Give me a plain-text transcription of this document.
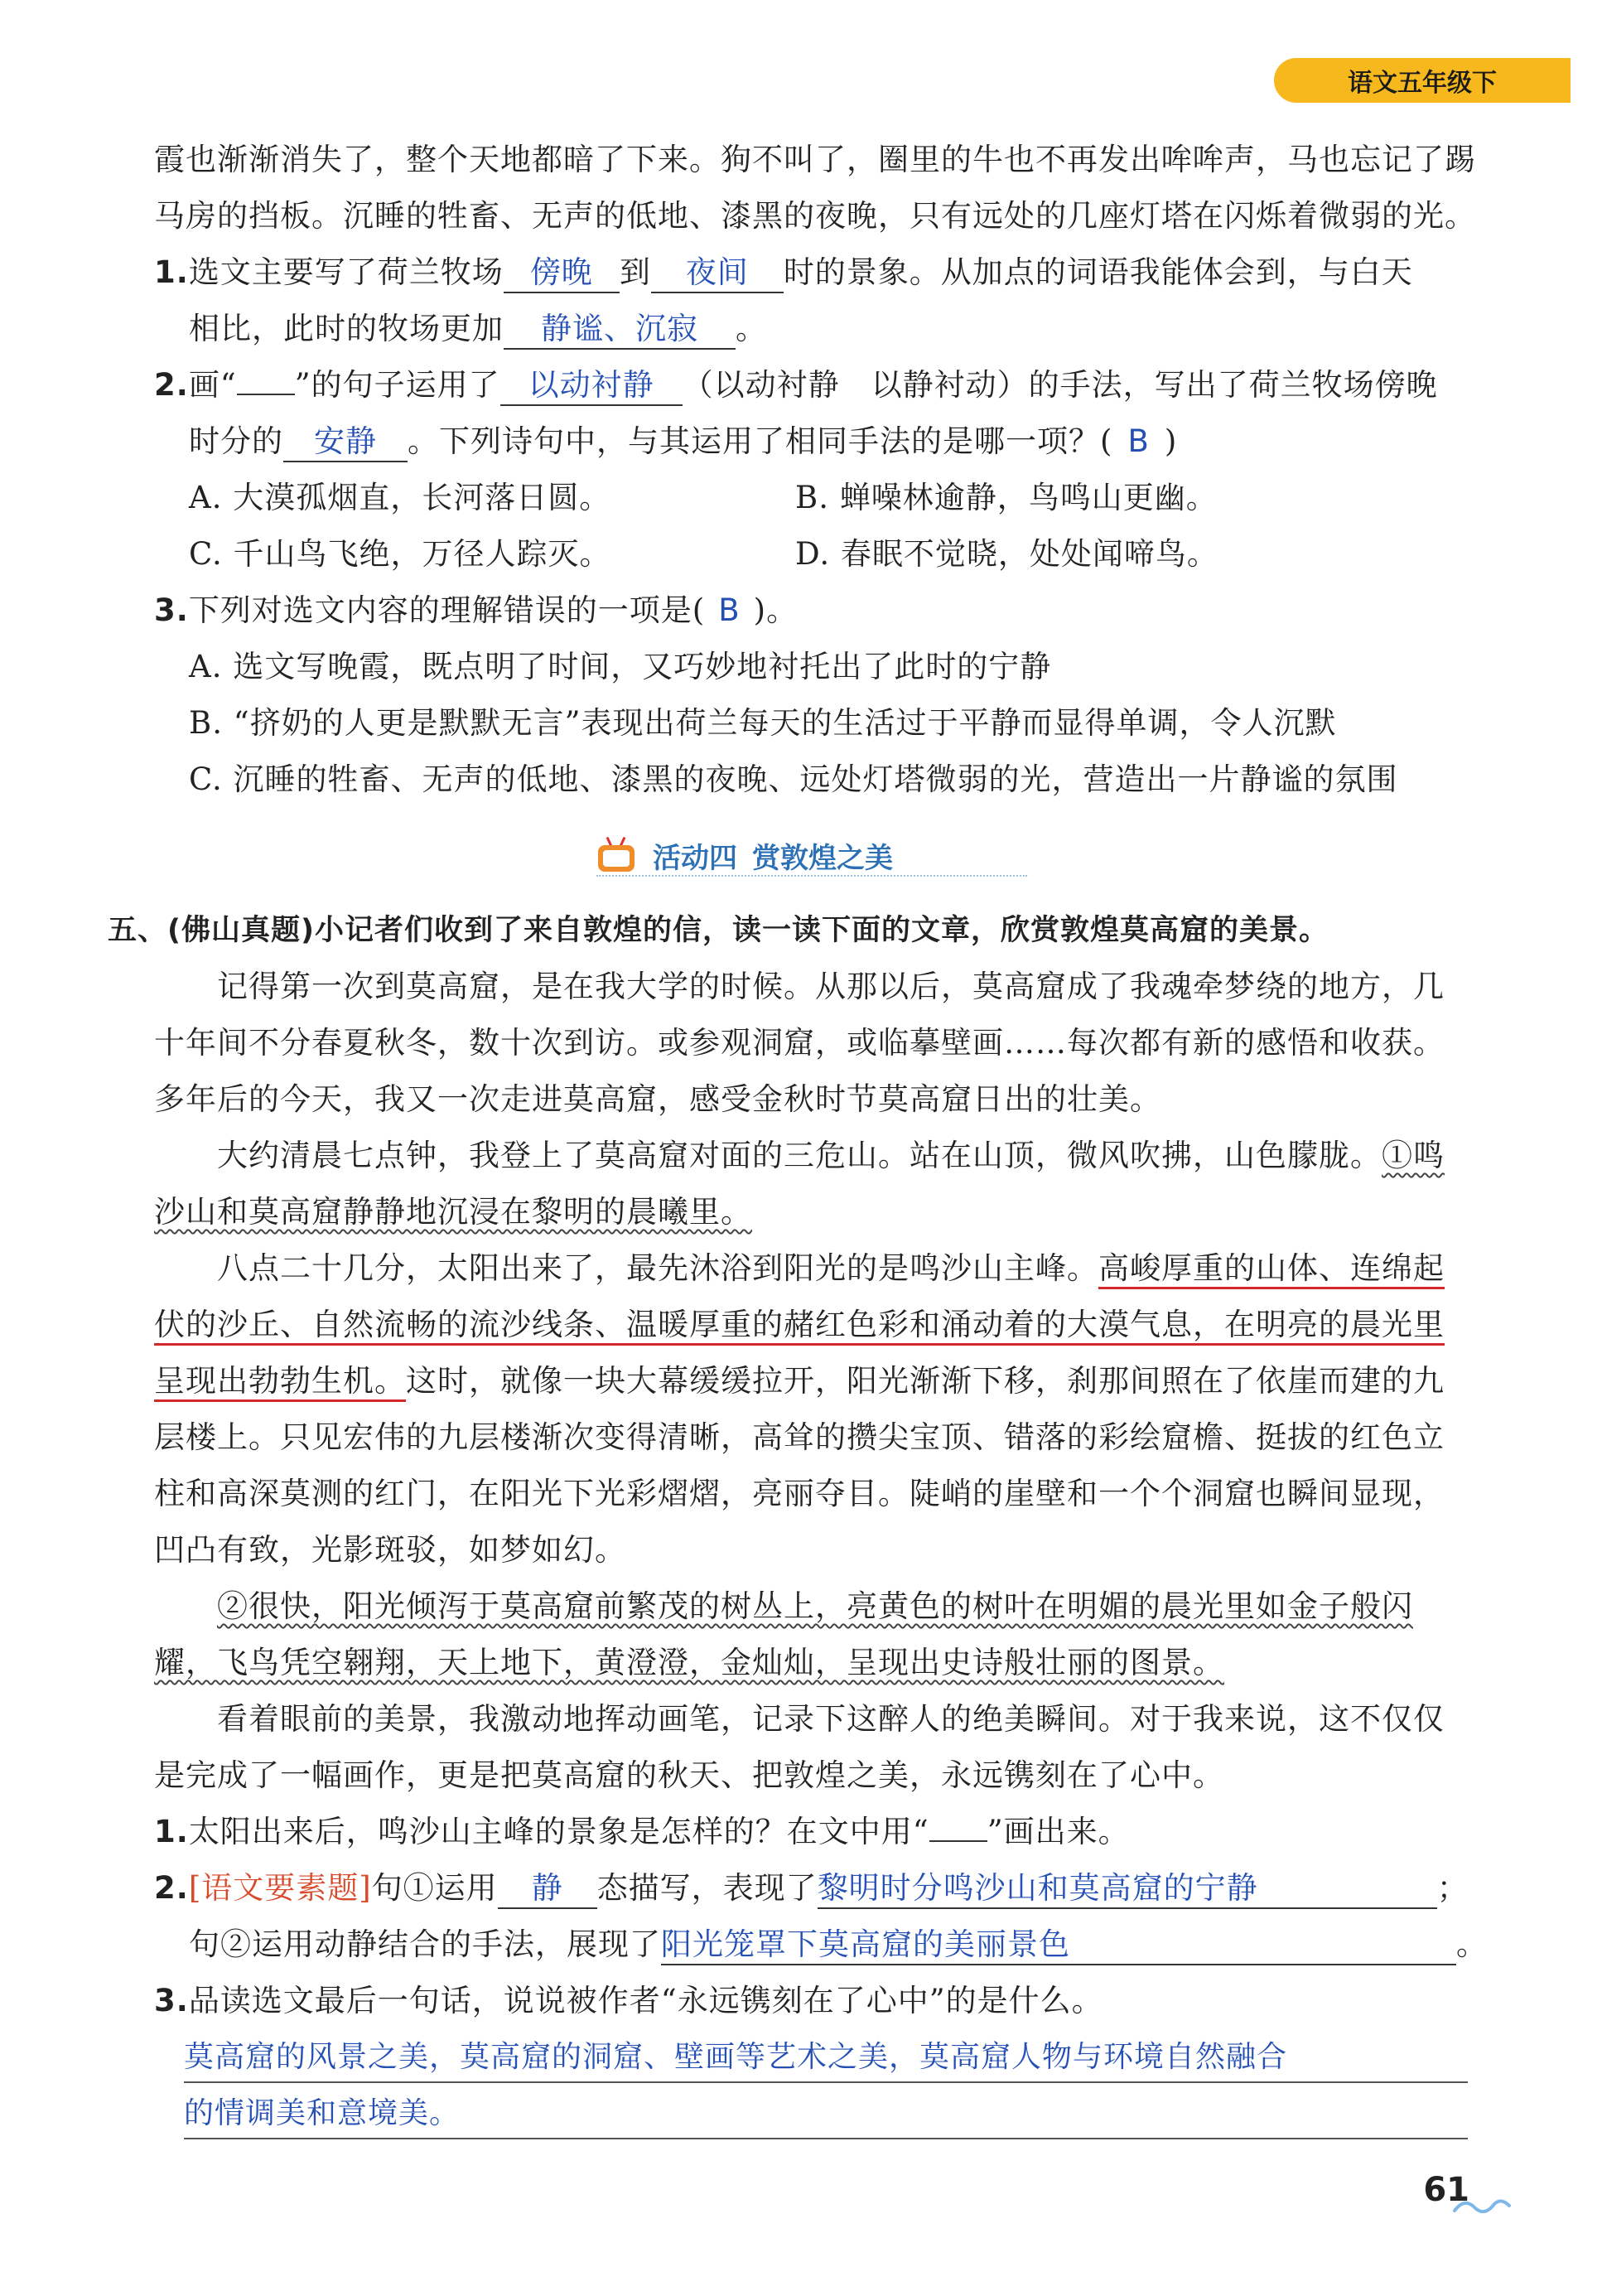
语文五年级下
霞也渐渐消失了，整个天地都暗了下来。狗不叫了，圈里的牛也不再发出哞哞声，马也忘记了踢
马房的挡板。沉睡的牲畜、无声的低地、漆黑的夜晚，只有远处的几座灯塔在闪烁着微弱的光。
1.选文主要写了荷兰牧场 傍晚 到 夜间 时的景象。从加点的词语我能体会到，与白天
相比，此时的牧场更加 静谧、沉寂 。
2.画“ ”的句子运用了 以动衬静 （以动衬静　以静衬动）的手法，写出了荷兰牧场傍晚
时分的 安静 。下列诗句中，与其运用了相同手法的是哪一项？( B )
A. 大漠孤烟直，长河落日圆。	B. 蝉噪林逾静，鸟鸣山更幽。
C. 千山鸟飞绝，万径人踪灭。	D. 春眠不觉晓，处处闻啼鸟。
3.下列对选文内容的理解错误的一项是( B )。
A. 选文写晚霞，既点明了时间，又巧妙地衬托出了此时的宁静
B. “挤奶的人更是默默无言”表现出荷兰每天的生活过于平静而显得单调，令人沉默
C. 沉睡的牲畜、无声的低地、漆黑的夜晚、远处灯塔微弱的光，营造出一片静谧的氛围
活动四 赏敦煌之美
五、(佛山真题)小记者们收到了来自敦煌的信，读一读下面的文章，欣赏敦煌莫高窟的美景。
记得第一次到莫高窟，是在我大学的时候。从那以后，莫高窟成了我魂牵梦绕的地方，几
十年间不分春夏秋冬，数十次到访。或参观洞窟，或临摹壁画……每次都有新的感悟和收获。
多年后的今天，我又一次走进莫高窟，感受金秋时节莫高窟日出的壮美。
大约清晨七点钟，我登上了莫高窟对面的三危山。站在山顶，微风吹拂，山色朦胧。①鸣
沙山和莫高窟静静地沉浸在黎明的晨曦里。
八点二十几分，太阳出来了，最先沐浴到阳光的是鸣沙山主峰。高峻厚重的山体、连绵起
伏的沙丘、自然流畅的流沙线条、温暖厚重的赭红色彩和涌动着的大漠气息，在明亮的晨光里
呈现出勃勃生机。这时，就像一块大幕缓缓拉开，阳光渐渐下移，刹那间照在了依崖而建的九
层楼上。只见宏伟的九层楼渐次变得清晰，高耸的攒尖宝顶、错落的彩绘窟檐、挺拔的红色立
柱和高深莫测的红门，在阳光下光彩熠熠，亮丽夺目。陡峭的崖壁和一个个洞窟也瞬间显现，
凹凸有致，光影斑驳，如梦如幻。
②很快，阳光倾泻于莫高窟前繁茂的树丛上，亮黄色的树叶在明媚的晨光里如金子般闪
耀，飞鸟凭空翱翔，天上地下，黄澄澄，金灿灿，呈现出史诗般壮丽的图景。
看着眼前的美景，我激动地挥动画笔，记录下这醉人的绝美瞬间。对于我来说，这不仅仅
是完成了一幅画作，更是把莫高窟的秋天、把敦煌之美，永远镌刻在了心中。
1.太阳出来后，鸣沙山主峰的景象是怎样的？在文中用“ ”画出来。
2.[语文要素题]句①运用 静 态描写，表现了黎明时分鸣沙山和莫高窟的宁静	；
句②运用动静结合的手法，展现了阳光笼罩下莫高窟的美丽景色	。
3.品读选文最后一句话，说说被作者“永远镌刻在了心中”的是什么。
莫高窟的风景之美，莫高窟的洞窟、壁画等艺术之美，莫高窟人物与环境自然融合
的情调美和意境美。
61
